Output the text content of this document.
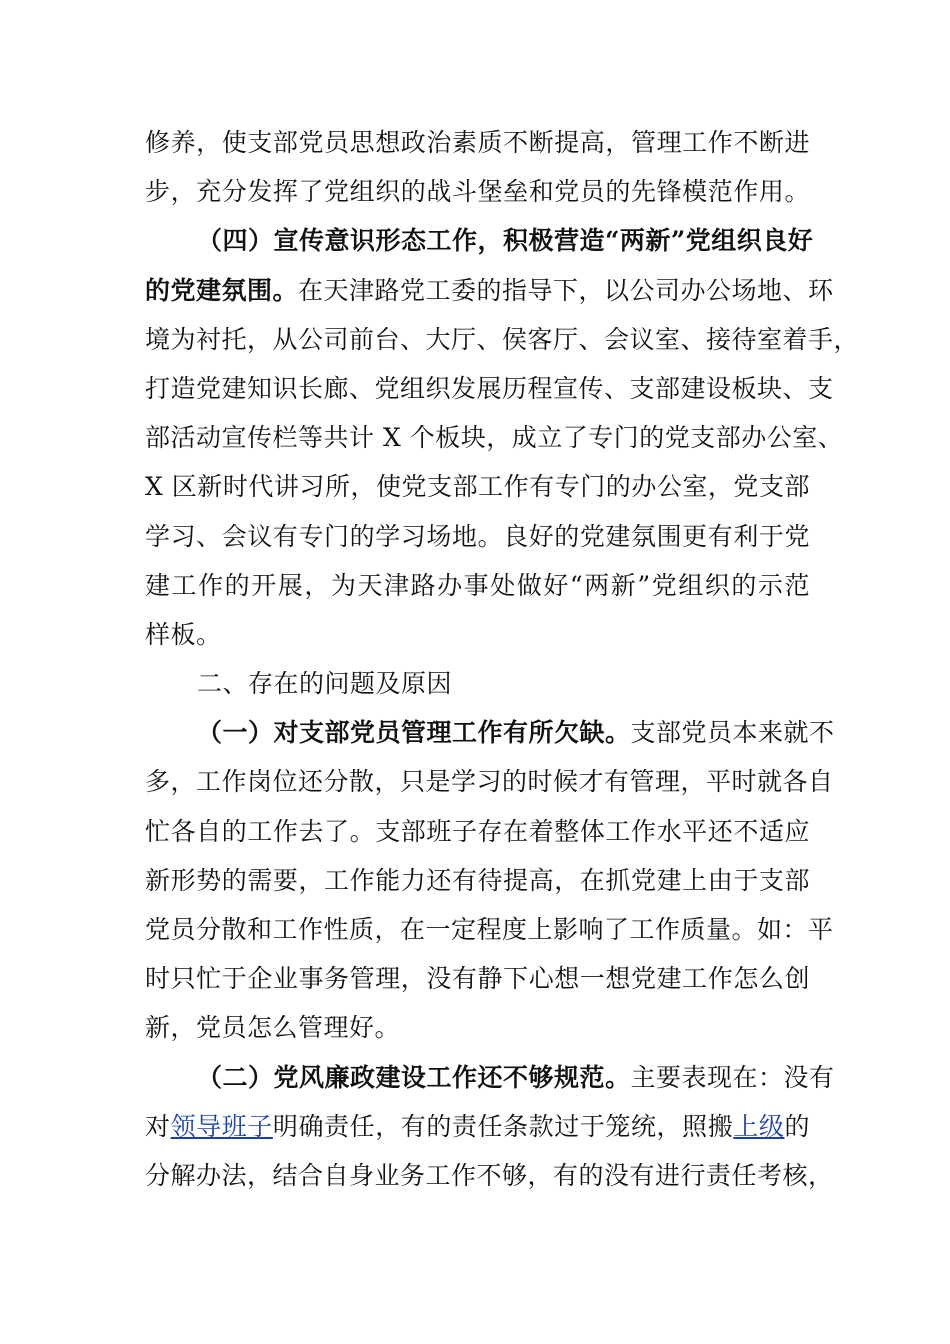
修养，使支部党员思想政治素质不断提高，管理工作不断进
步，充分发挥了党组织的战斗堡垒和党员的先锋模范作用。
（四）宣传意识形态工作，积极营造“两新”党组织良好
的党建氛围。在天津路党工委的指导下，以公司办公场地、环
境为衬托，从公司前台、大厅、侯客厅、会议室、接待室着手，
打造党建知识长廊、党组织发展历程宣传、支部建设板块、支
部活动宣传栏等共计 X 个板块，成立了专门的党支部办公室、
X 区新时代讲习所，使党支部工作有专门的办公室，党支部
学习、会议有专门的学习场地。良好的党建氛围更有利于党
建工作的开展，为天津路办事处做好“两新”党组织的示范
样板。
二、存在的问题及原因
（一）对支部党员管理工作有所欠缺。支部党员本来就不
多，工作岗位还分散，只是学习的时候才有管理，平时就各自
忙各自的工作去了。支部班子存在着整体工作水平还不适应
新形势的需要，工作能力还有待提高，在抓党建上由于支部
党员分散和工作性质，在一定程度上影响了工作质量。如：平
时只忙于企业事务管理，没有静下心想一想党建工作怎么创
新，党员怎么管理好。
（二）党风廉政建设工作还不够规范。主要表现在：没有
对领导班子明确责任，有的责任条款过于笼统，照搬上级的
分解办法，结合自身业务工作不够，有的没有进行责任考核，
